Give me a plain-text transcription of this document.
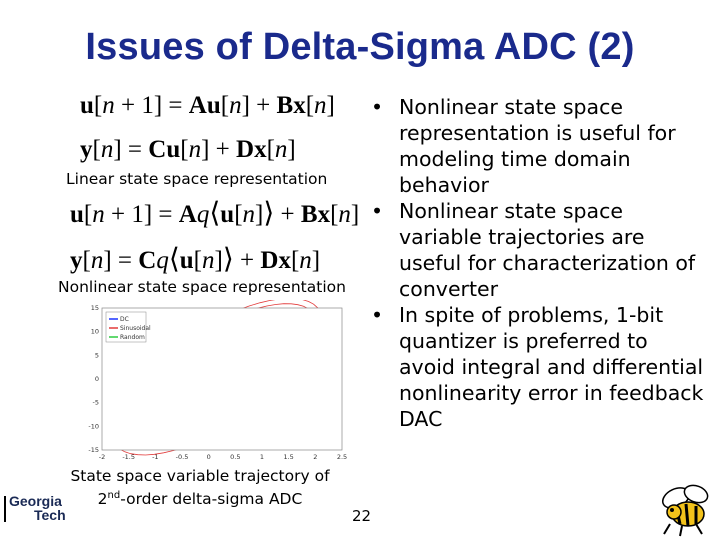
Issues of Delta-Sigma ADC (2)
u[n + 1] = Au[n] + Bx[n]
y[n] = Cu[n] + Dx[n]
Linear state space representation
u[n + 1] = Aq⟨u[n]⟩ + Bx[n]
y[n] = Cq⟨u[n]⟩ + Dx[n]
Nonlinear state space representation
• Nonlinear state space representation is useful for modeling time domain behavior
• Nonlinear state space variable trajectories are useful for characterization of converter
• In spite of problems, 1-bit quantizer is preferred to avoid integral and differential nonlinearity error in feedback DAC
-2	-1.5	-1	-0.5	0	0.5	1	1.5	2	2.5
15
10
5
0
-5
-10
-15
DC
Sinusoidal
Random
State space variable trajectory of
2nd-order delta-sigma ADC
Georgia
Tech	22
